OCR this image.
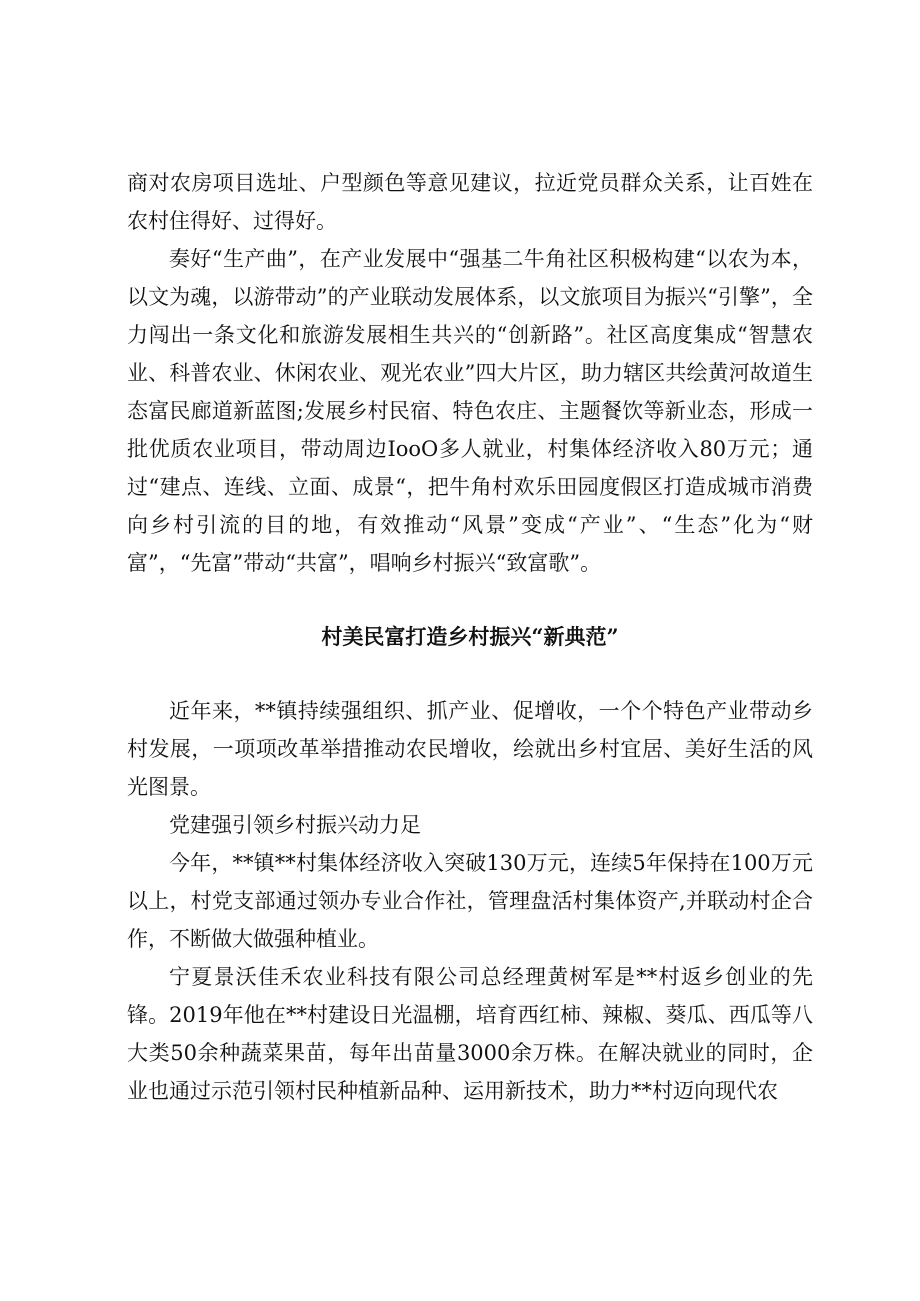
商对农房项目选址、户型颜色等意见建议，拉近党员群众关系，让百姓在农村住得好、过得好。

奏好“生产曲”，在产业发展中“强基二牛角社区积极构建“以农为本，以文为魂，以游带动”的产业联动发展体系，以文旅项目为振兴“引擎”，全力闯出一条文化和旅游发展相生共兴的“创新路”。社区高度集成“智慧农业、科普农业、休闲农业、观光农业”四大片区，助力辖区共绘黄河故道生态富民廊道新蓝图;发展乡村民宿、特色农庄、主题餐饮等新业态，形成一批优质农业项目，带动周边IooO多人就业，村集体经济收入80万元；通过“建点、连线、立面、成景“，把牛角村欢乐田园度假区打造成城市消费向乡村引流的目的地，有效推动“风景”变成“产业”、“生态”化为“财富”，“先富”带动“共富”，唱响乡村振兴“致富歌”。

村美民富打造乡村振兴“新典范”

近年来，**镇持续强组织、抓产业、促增收，一个个特色产业带动乡村发展，一项项改革举措推动农民增收，绘就出乡村宜居、美好生活的风光图景。

党建强引领乡村振兴动力足

今年，**镇**村集体经济收入突破130万元，连续5年保持在100万元以上，村党支部通过领办专业合作社，管理盘活村集体资产,并联动村企合作，不断做大做强种植业。

宁夏景沃佳禾农业科技有限公司总经理黄树军是**村返乡创业的先锋。2019年他在**村建设日光温棚，培育西红柿、辣椒、葵瓜、西瓜等八大类50余种蔬菜果苗，每年出苗量3000余万株。在解决就业的同时，企业也通过示范引领村民种植新品种、运用新技术，助力**村迈向现代农
